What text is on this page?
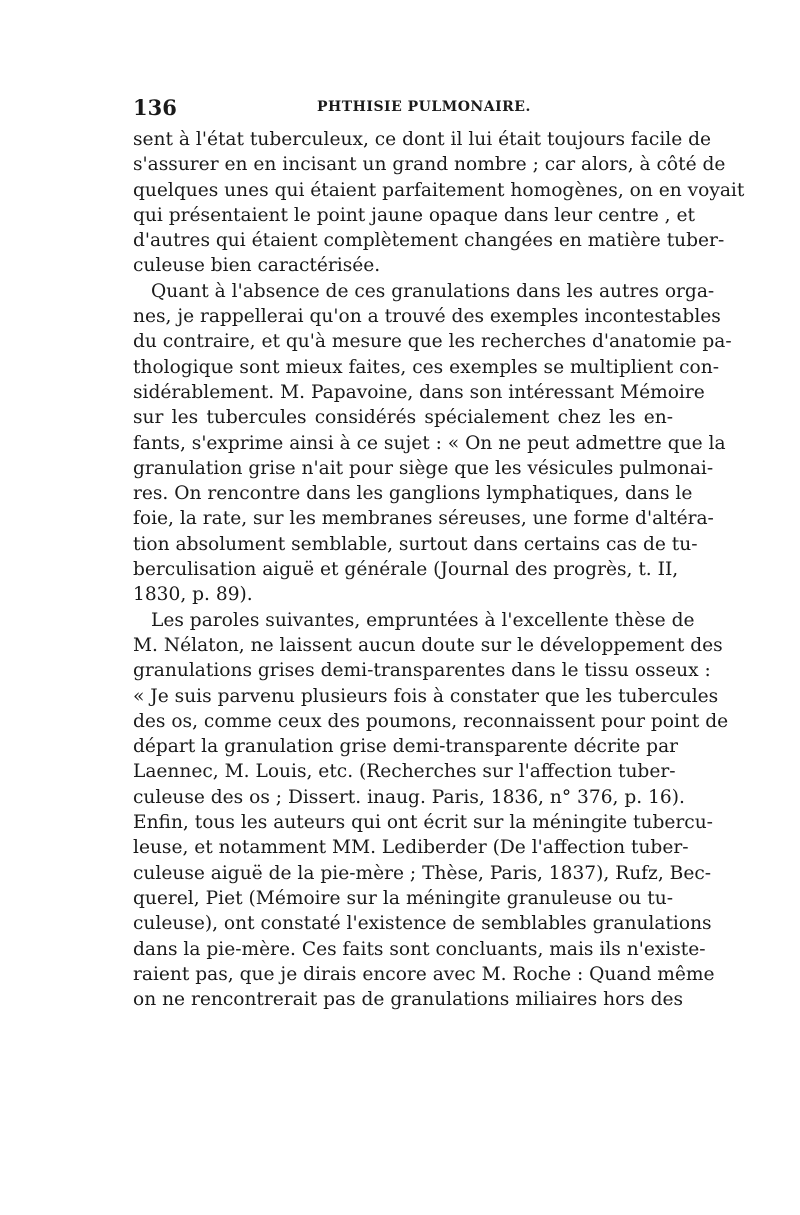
136	PHTHISIE PULMONAIRE.
sent à l'état tuberculeux, ce dont il lui était toujours facile de
s'assurer en en incisant un grand nombre ; car alors, à côté de
quelques unes qui étaient parfaitement homogènes, on en voyait
qui présentaient le point jaune opaque dans leur centre , et
d'autres qui étaient complètement changées en matière tuber-
culeuse bien caractérisée.
Quant à l'absence de ces granulations dans les autres orga-
nes, je rappellerai qu'on a trouvé des exemples incontestables
du contraire, et qu'à mesure que les recherches d'anatomie pa-
thologique sont mieux faites, ces exemples se multiplient con-
sidérablement. M. Papavoine, dans son intéressant Mémoire
sur les tubercules considérés spécialement chez les en-
fants, s'exprime ainsi à ce sujet : « On ne peut admettre que la
granulation grise n'ait pour siège que les vésicules pulmonai-
res. On rencontre dans les ganglions lymphatiques, dans le
foie, la rate, sur les membranes séreuses, une forme d'altéra-
tion absolument semblable, surtout dans certains cas de tu-
berculisation aiguë et générale (Journal des progrès, t. II,
1830, p. 89).
Les paroles suivantes, empruntées à l'excellente thèse de
M. Nélaton, ne laissent aucun doute sur le développement des
granulations grises demi-transparentes dans le tissu osseux :
« Je suis parvenu plusieurs fois à constater que les tubercules
des os, comme ceux des poumons, reconnaissent pour point de
départ la granulation grise demi-transparente décrite par
Laennec, M. Louis, etc. (Recherches sur l'affection tuber-
culeuse des os ; Dissert. inaug. Paris, 1836, n° 376, p. 16).
Enfin, tous les auteurs qui ont écrit sur la méningite tubercu-
leuse, et notamment MM. Lediberder (De l'affection tuber-
culeuse aiguë de la pie-mère ; Thèse, Paris, 1837), Rufz, Bec-
querel, Piet (Mémoire sur la méningite granuleuse ou tu-
culeuse), ont constaté l'existence de semblables granulations
dans la pie-mère. Ces faits sont concluants, mais ils n'existe-
raient pas, que je dirais encore avec M. Roche : Quand même
on ne rencontrerait pas de granulations miliaires hors des
